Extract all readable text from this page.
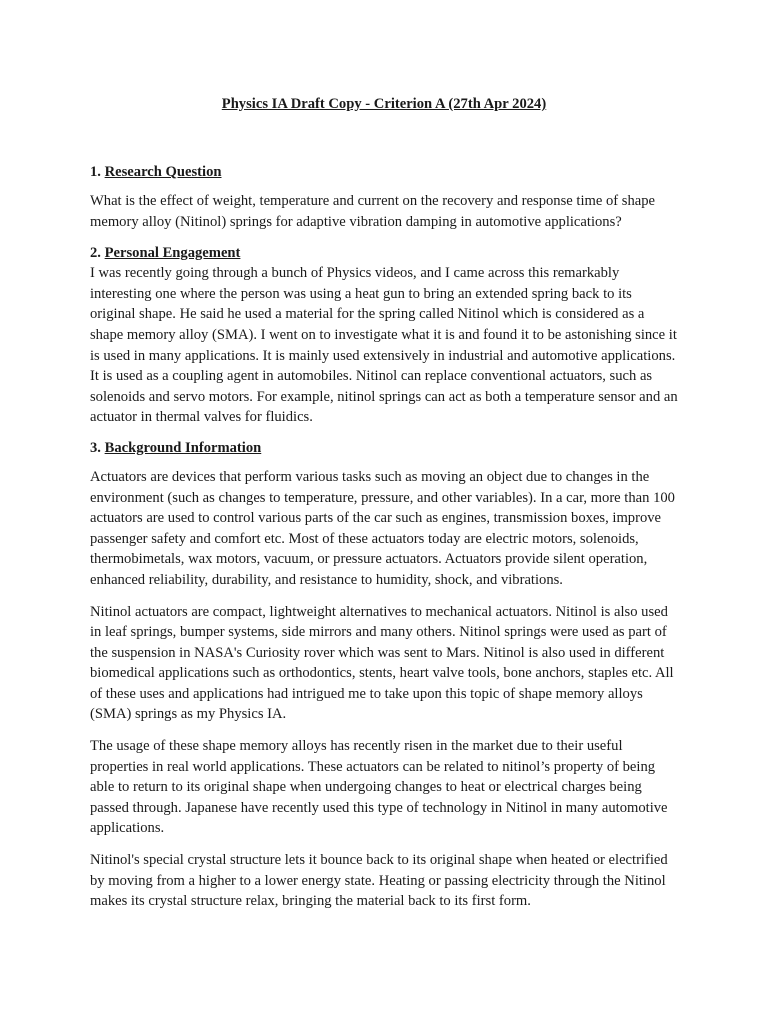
Physics IA Draft Copy - Criterion A (27th Apr 2024)
1. Research Question

What is the effect of weight, temperature and current on the recovery and response time of shape memory alloy (Nitinol) springs for adaptive vibration damping in automotive applications?

2. Personal Engagement

I was recently going through a bunch of Physics videos, and I came across this remarkably interesting one where the person was using a heat gun to bring an extended spring back to its original shape. He said he used a material for the spring called Nitinol which is considered as a shape memory alloy (SMA). I went on to investigate what it is and found it to be astonishing since it is used in many applications. It is mainly used extensively in industrial and automotive applications. It is used as a coupling agent in automobiles. Nitinol can replace conventional actuators, such as solenoids and servo motors. For example, nitinol springs can act as both a temperature sensor and an actuator in thermal valves for fluidics.

3. Background Information

Actuators are devices that perform various tasks such as moving an object due to changes in the environment (such as changes to temperature, pressure, and other variables). In a car, more than 100 actuators are used to control various parts of the car such as engines, transmission boxes, improve passenger safety and comfort etc. Most of these actuators today are electric motors, solenoids, thermobimetals, wax motors, vacuum, or pressure actuators. Actuators provide silent operation, enhanced reliability, durability, and resistance to humidity, shock, and vibrations.

Nitinol actuators are compact, lightweight alternatives to mechanical actuators. Nitinol is also used in leaf springs, bumper systems, side mirrors and many others. Nitinol springs were used as part of the suspension in NASA's Curiosity rover which was sent to Mars. Nitinol is also used in different biomedical applications such as orthodontics, stents, heart valve tools, bone anchors, staples etc. All of these uses and applications had intrigued me to take upon this topic of shape memory alloys (SMA) springs as my Physics IA.

The usage of these shape memory alloys has recently risen in the market due to their useful properties in real world applications. These actuators can be related to nitinol’s property of being able to return to its original shape when undergoing changes to heat or electrical charges being passed through. Japanese have recently used this type of technology in Nitinol in many automotive applications.

Nitinol's special crystal structure lets it bounce back to its original shape when heated or electrified by moving from a higher to a lower energy state. Heating or passing electricity through the Nitinol makes its crystal structure relax, bringing the material back to its first form.
